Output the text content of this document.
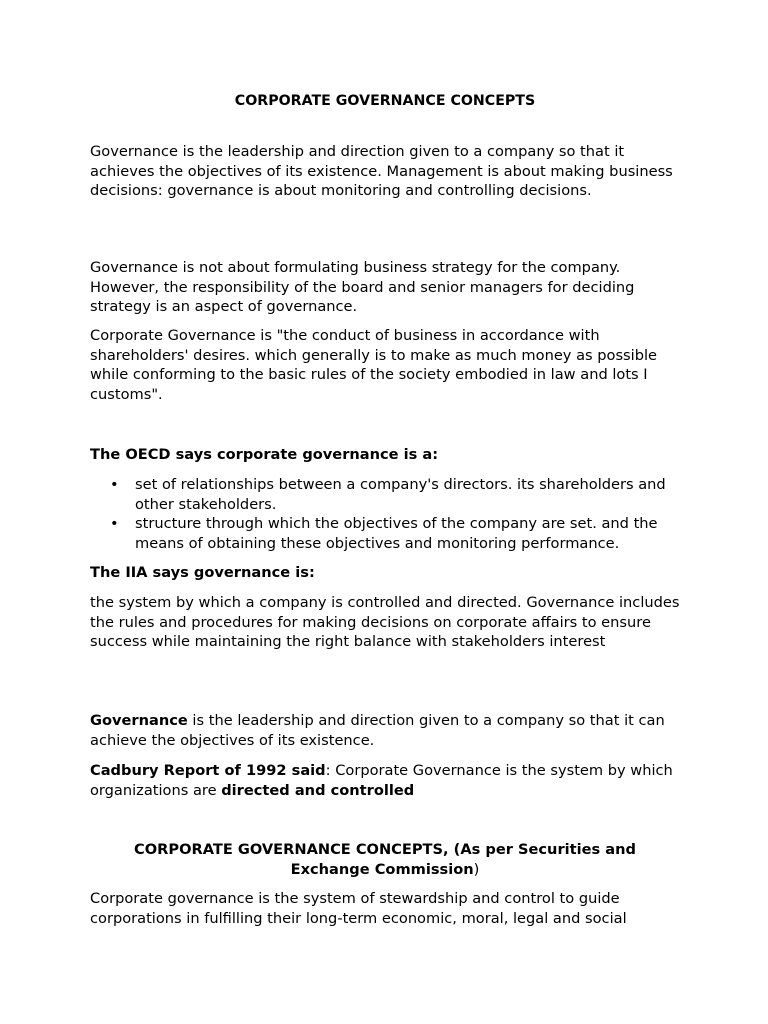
CORPORATE GOVERNANCE CONCEPTS

Governance is the leadership and direction given to a company so that it achieves the objectives of its existence. Management is about making business decisions: governance is about monitoring and controlling decisions.

Governance is not about formulating business strategy for the company. However, the responsibility of the board and senior managers for deciding strategy is an aspect of governance.

Corporate Governance is "the conduct of business in accordance with shareholders' desires. which generally is to make as much money as possible while conforming to the basic rules of the society embodied in law and lots I customs".

The OECD says corporate governance is a:

• set of relationships between a company's directors. its shareholders and other stakeholders.
• structure through which the objectives of the company are set. and the means of obtaining these objectives and monitoring performance.

The IIA says governance is:

the system by which a company is controlled and directed. Governance includes the rules and procedures for making decisions on corporate affairs to ensure success while maintaining the right balance with stakeholders interest

Governance is the leadership and direction given to a company so that it can achieve the objectives of its existence.

Cadbury Report of 1992 said: Corporate Governance is the system by which organizations are directed and controlled

CORPORATE GOVERNANCE CONCEPTS, (As per Securities and Exchange Commission)

Corporate governance is the system of stewardship and control to guide corporations in fulfilling their long-term economic, moral, legal and social
